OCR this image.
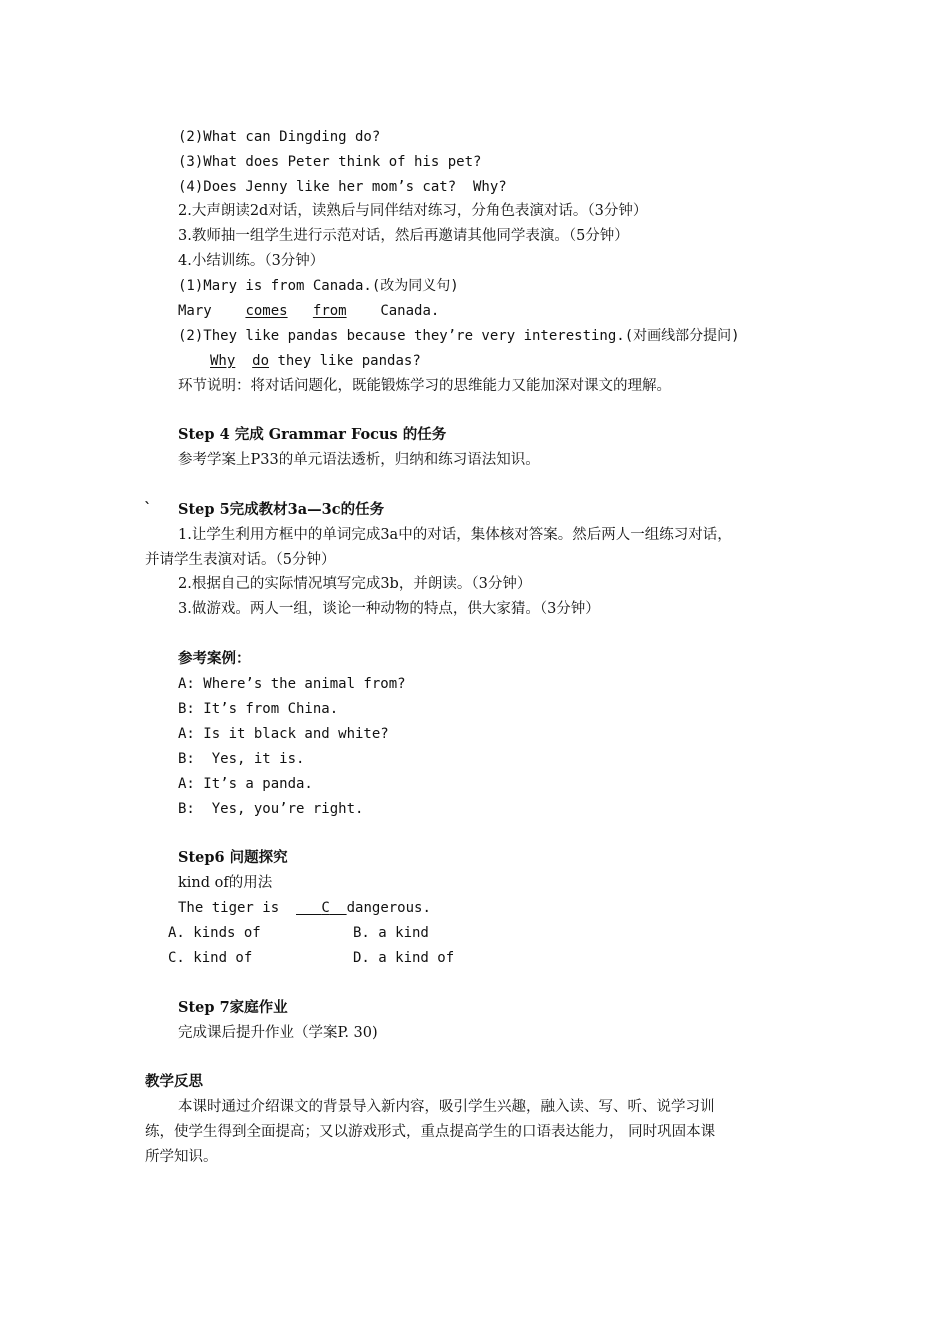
(2)What can Dingding do?
(3)What does Peter think of his pet?
(4)Does Jenny like her mom’s cat?  Why?
2.大声朗读2d对话，读熟后与同伴结对练习，分角色表演对话。（3分钟）
3.教师抽一组学生进行示范对话，然后再邀请其他同学表演。（5分钟）
4.小结训练。（3分钟）
(1)Mary is from Canada.(改为同义句)
Mary comes from Canada.
(2)They like pandas because they’re very interesting.(对画线部分提问)
Why do they like pandas?
环节说明：将对话问题化，既能锻炼学习的思维能力又能加深对课文的理解。
Step 4 完成 Grammar Focus 的任务
参考学案上P33的单元语法透析，归纳和练习语法知识。
` Step 5完成教材3a—3c的任务
1.让学生利用方框中的单词完成3a中的对话，集体核对答案。然后两人一组练习对话，
并请学生表演对话。（5分钟）
2.根据自己的实际情况填写完成3b，并朗读。（3分钟）
3.做游戏。两人一组，谈论一种动物的特点，供大家猜。（3分钟）
参考案例：
A: Where’s the animal from?
B: It’s from China.
A: Is it black and white?
B:  Yes, it is.
A: It’s a panda.
B:  Yes, you’re right.
Step6 问题探究
kind of的用法
The tiger is	C dangerous.
A. kinds of	B. a kind
C. kind of	D. a kind of
Step 7家庭作业
完成课后提升作业（学案P. 30)
教学反思
本课时通过介绍课文的背景导入新内容，吸引学生兴趣，融入读、写、听、说学习训
练，使学生得到全面提高；又以游戏形式，重点提高学生的口语表达能力， 同时巩固本课
所学知识。
